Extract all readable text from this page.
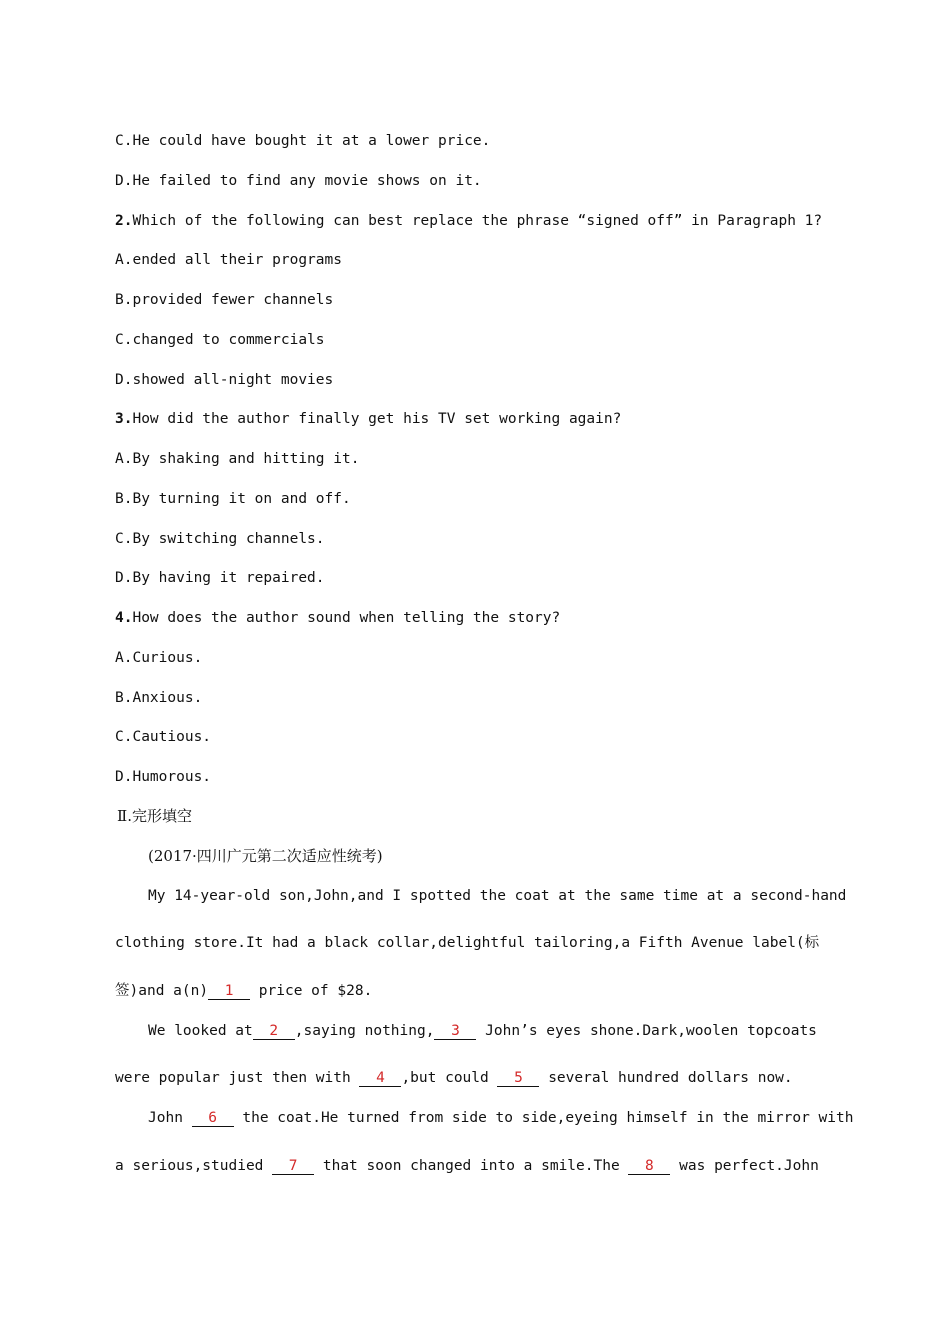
C.He could have bought it at a lower price.
D.He failed to find any movie shows on it.
2.Which of the following can best replace the phrase “signed off” in Paragraph 1?
A.ended all their programs
B.provided fewer channels
C.changed to commercials
D.showed all-night movies
3.How did the author finally get his TV set working again?
A.By shaking and hitting it.
B.By turning it on and off.
C.By switching channels.
D.By having it repaired.
4.How does the author sound when telling the story?
A.Curious.
B.Anxious.
C.Cautious.
D.Humorous.
Ⅱ.完形填空
(2017·四川广元第二次适应性统考)
My 14-year-old son,John,and I spotted the coat at the same time at a second-hand
clothing store.It had a black collar,delightful tailoring,a Fifth Avenue label(标
签)and a(n) 1 price of $28.
We looked at 2 ,saying nothing, 3 John’s eyes shone.Dark,woolen topcoats
were popular just then with 4 ,but could 5 several hundred dollars now.
John 6 the coat.He turned from side to side,eyeing himself in the mirror with
a serious,studied 7 that soon changed into a smile.The 8 was perfect.John
